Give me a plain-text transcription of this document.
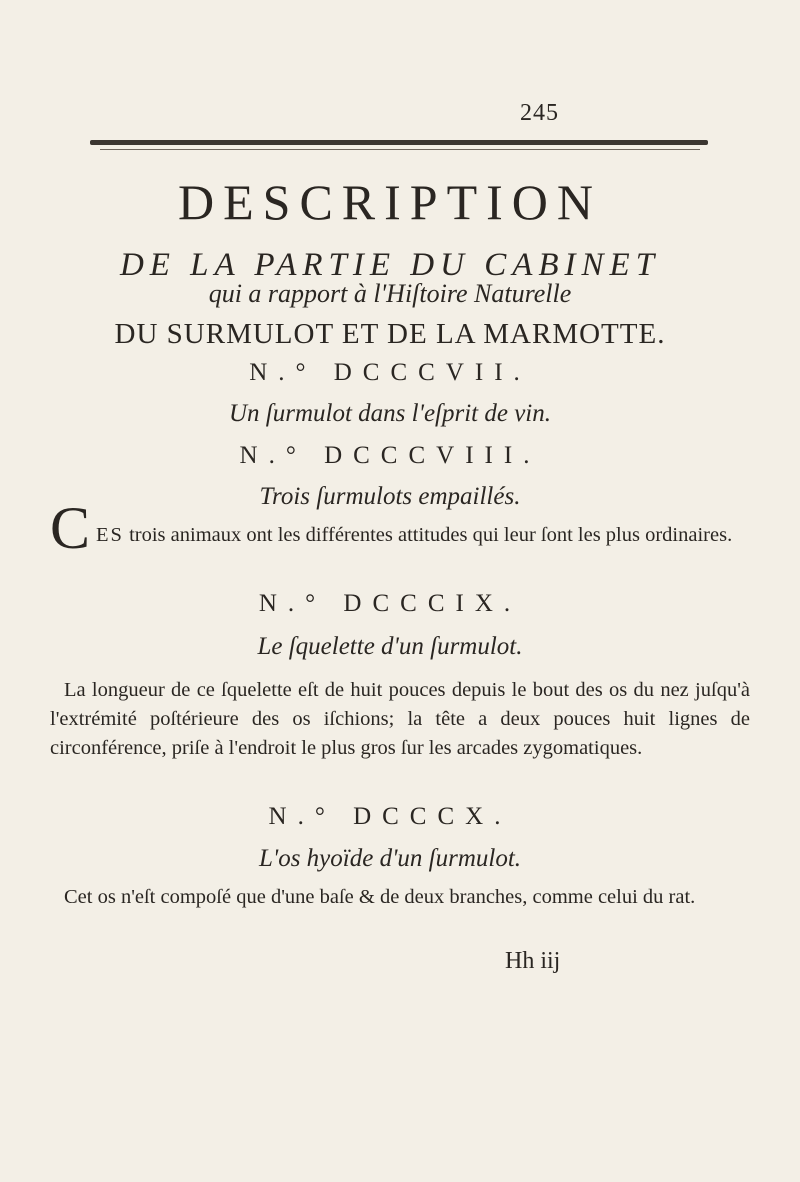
245
DESCRIPTION
DE LA PARTIE DU CABINET
qui a rapport à l'Hiſtoire Naturelle
DU SURMULOT ET DE LA MARMOTTE.
N.° DCCCVII.
Un ſurmulot dans l'eſprit de vin.
N.° DCCCVIII.
Trois ſurmulots empaillés.
C ES trois animaux ont les différentes attitudes qui leur ſont les plus ordinaires.
N.° DCCCIX.
Le ſquelette d'un ſurmulot.
La longueur de ce ſquelette eſt de huit pouces depuis le bout des os du nez juſqu'à l'extrémité poſtérieure des os iſchions; la tête a deux pouces huit lignes de circonférence, priſe à l'endroit le plus gros ſur les arcades zygomatiques.
N.° DCCCX.
L'os hyoïde d'un ſurmulot.
Cet os n'eſt compoſé que d'une baſe & de deux branches, comme celui du rat.
Hh iij
